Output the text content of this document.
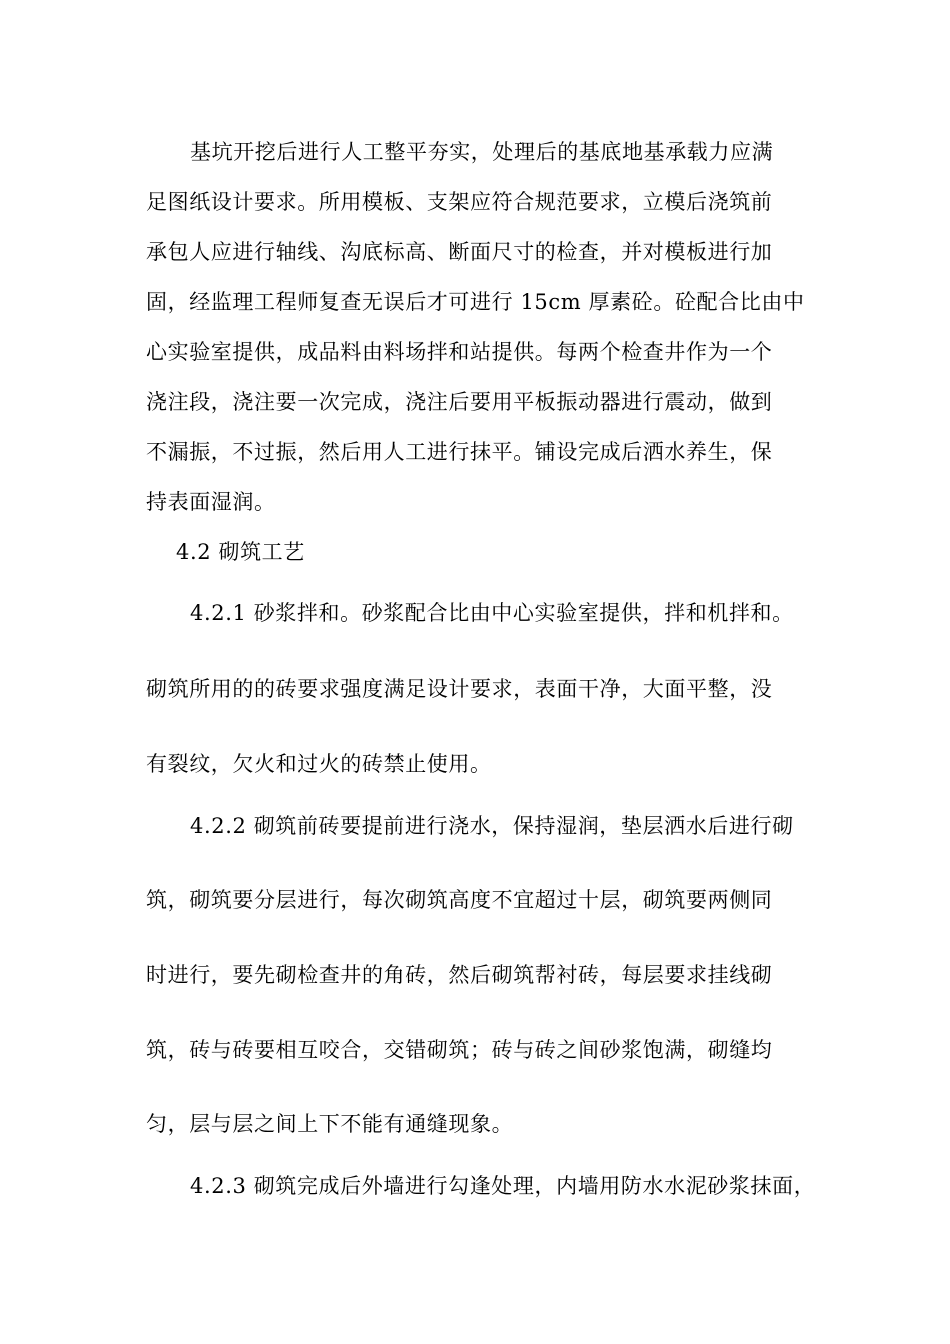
基坑开挖后进行人工整平夯实，处理后的基底地基承载力应满
足图纸设计要求。所用模板、支架应符合规范要求，立模后浇筑前
承包人应进行轴线、沟底标高、断面尺寸的检查，并对模板进行加
固，经监理工程师复查无误后才可进行 15cm 厚素砼。砼配合比由中
心实验室提供，成品料由料场拌和站提供。每两个检查井作为一个
浇注段，浇注要一次完成，浇注后要用平板振动器进行震动，做到
不漏振，不过振，然后用人工进行抹平。铺设完成后洒水养生，保
持表面湿润。
4.2 砌筑工艺
4.2.1 砂浆拌和。砂浆配合比由中心实验室提供，拌和机拌和。
砌筑所用的的砖要求强度满足设计要求，表面干净，大面平整，没
有裂纹，欠火和过火的砖禁止使用。
4.2.2 砌筑前砖要提前进行浇水，保持湿润，垫层洒水后进行砌
筑，砌筑要分层进行，每次砌筑高度不宜超过十层，砌筑要两侧同
时进行，要先砌检查井的角砖，然后砌筑帮衬砖，每层要求挂线砌
筑，砖与砖要相互咬合，交错砌筑；砖与砖之间砂浆饱满，砌缝均
匀，层与层之间上下不能有通缝现象。
4.2.3 砌筑完成后外墙进行勾逢处理，内墙用防水水泥砂浆抹面，
